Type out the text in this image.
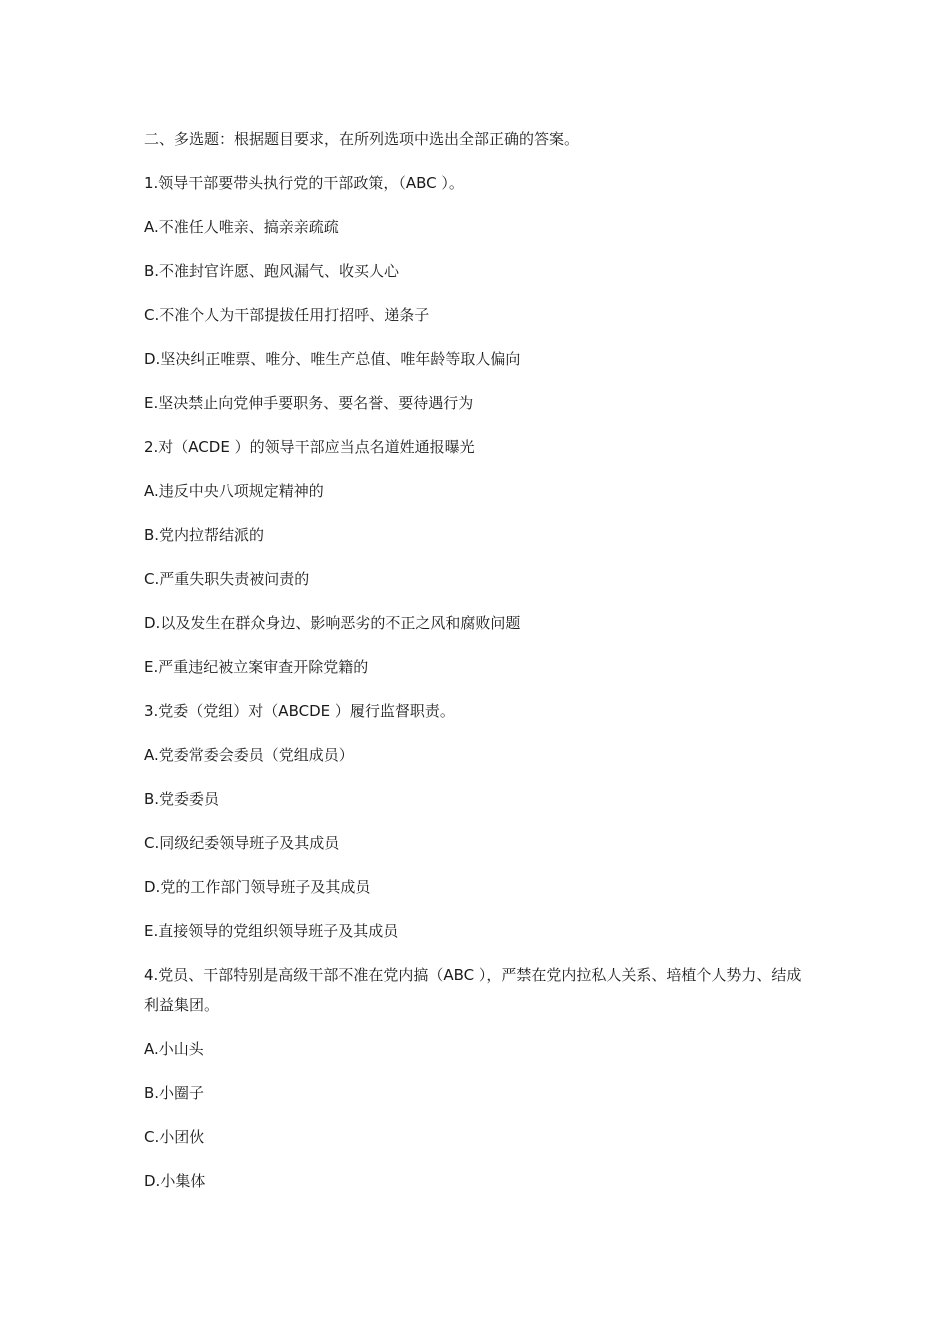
二、多选题：根据题目要求，在所列选项中选出全部正确的答案。
1.领导干部要带头执行党的干部政策，（ABC ）。
A.不准任人唯亲、搞亲亲疏疏
B.不准封官许愿、跑风漏气、收买人心
C.不准个人为干部提拔任用打招呼、递条子
D.坚决纠正唯票、唯分、唯生产总值、唯年龄等取人偏向
E.坚决禁止向党伸手要职务、要名誉、要待遇行为
2.对（ACDE ）的领导干部应当点名道姓通报曝光
A.违反中央八项规定精神的
B.党内拉帮结派的
C.严重失职失责被问责的
D.以及发生在群众身边、影响恶劣的不正之风和腐败问题
E.严重违纪被立案审查开除党籍的
3.党委（党组）对（ABCDE ）履行监督职责。
A.党委常委会委员（党组成员）
B.党委委员
C.同级纪委领导班子及其成员
D.党的工作部门领导班子及其成员
E.直接领导的党组织领导班子及其成员
4.党员、干部特别是高级干部不准在党内搞（ABC ），严禁在党内拉私人关系、培植个人势力、结成利益集团。
A.小山头
B.小圈子
C.小团伙
D.小集体
